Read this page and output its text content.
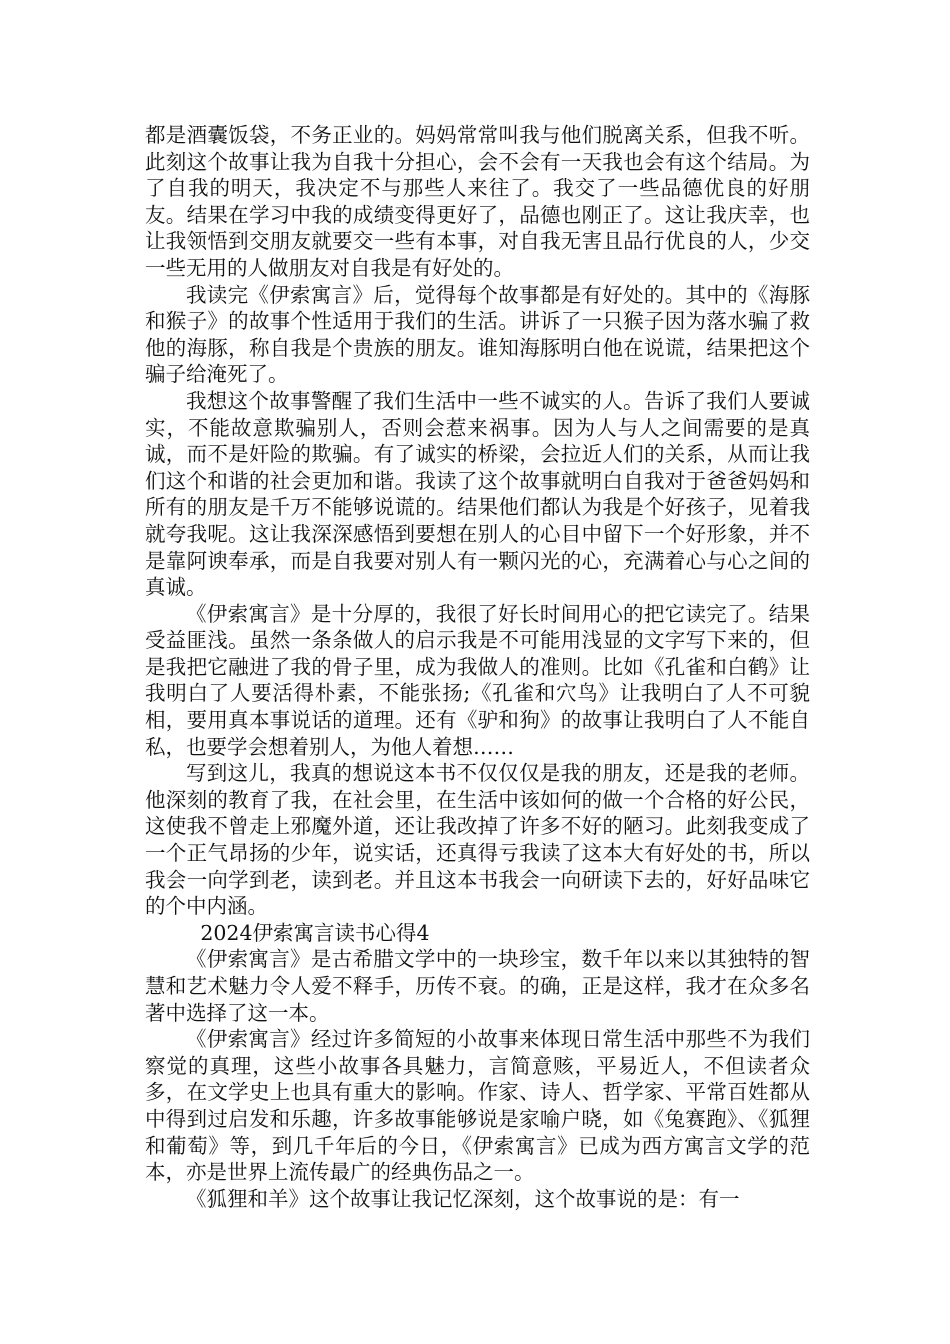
都是酒囊饭袋，不务正业的。妈妈常常叫我与他们脱离关系，但我不听。此刻这个故事让我为自我十分担心，会不会有一天我也会有这个结局。为了自我的明天，我决定不与那些人来往了。我交了一些品德优良的好朋友。结果在学习中我的成绩变得更好了，品德也刚正了。这让我庆幸，也让我领悟到交朋友就要交一些有本事，对自我无害且品行优良的人，少交一些无用的人做朋友对自我是有好处的。

我读完《伊索寓言》后，觉得每个故事都是有好处的。其中的《海豚和猴子》的故事个性适用于我们的生活。讲诉了一只猴子因为落水骗了救他的海豚，称自我是个贵族的朋友。谁知海豚明白他在说谎，结果把这个骗子给淹死了。

我想这个故事警醒了我们生活中一些不诚实的人。告诉了我们人要诚实，不能故意欺骗别人，否则会惹来祸事。因为人与人之间需要的是真诚，而不是奸险的欺骗。有了诚实的桥梁，会拉近人们的关系，从而让我们这个和谐的社会更加和谐。我读了这个故事就明白自我对于爸爸妈妈和所有的朋友是千万不能够说谎的。结果他们都认为我是个好孩子，见着我就夸我呢。这让我深深感悟到要想在别人的心目中留下一个好形象，并不是靠阿谀奉承，而是自我要对别人有一颗闪光的心，充满着心与心之间的真诚。

《伊索寓言》是十分厚的，我很了好长时间用心的把它读完了。结果受益匪浅。虽然一条条做人的启示我是不可能用浅显的文字写下来的，但是我把它融进了我的骨子里，成为我做人的准则。比如《孔雀和白鹤》让我明白了人要活得朴素，不能张扬;《孔雀和穴鸟》让我明白了人不可貌相，要用真本事说话的道理。还有《驴和狗》的故事让我明白了人不能自私，也要学会想着别人，为他人着想……

写到这儿，我真的想说这本书不仅仅仅是我的朋友，还是我的老师。他深刻的教育了我，在社会里，在生活中该如何的做一个合格的好公民，这使我不曾走上邪魔外道，还让我改掉了许多不好的陋习。此刻我变成了一个正气昂扬的少年，说实话，还真得亏我读了这本大有好处的书，所以我会一向学到老，读到老。并且这本书我会一向研读下去的，好好品味它的个中内涵。

2024伊索寓言读书心得4

《伊索寓言》是古希腊文学中的一块珍宝，数千年以来以其独特的智慧和艺术魅力令人爱不释手，历传不衰。的确，正是这样，我才在众多名著中选择了这一本。

《伊索寓言》经过许多简短的小故事来体现日常生活中那些不为我们察觉的真理，这些小故事各具魅力，言简意赅，平易近人，不但读者众多，在文学史上也具有重大的影响。作家、诗人、哲学家、平常百姓都从中得到过启发和乐趣，许多故事能够说是家喻户晓，如《兔赛跑》、《狐狸和葡萄》等，到几千年后的今日，《伊索寓言》已成为西方寓言文学的范本，亦是世界上流传最广的经典伤品之一。

《狐狸和羊》这个故事让我记忆深刻，这个故事说的是：有一
